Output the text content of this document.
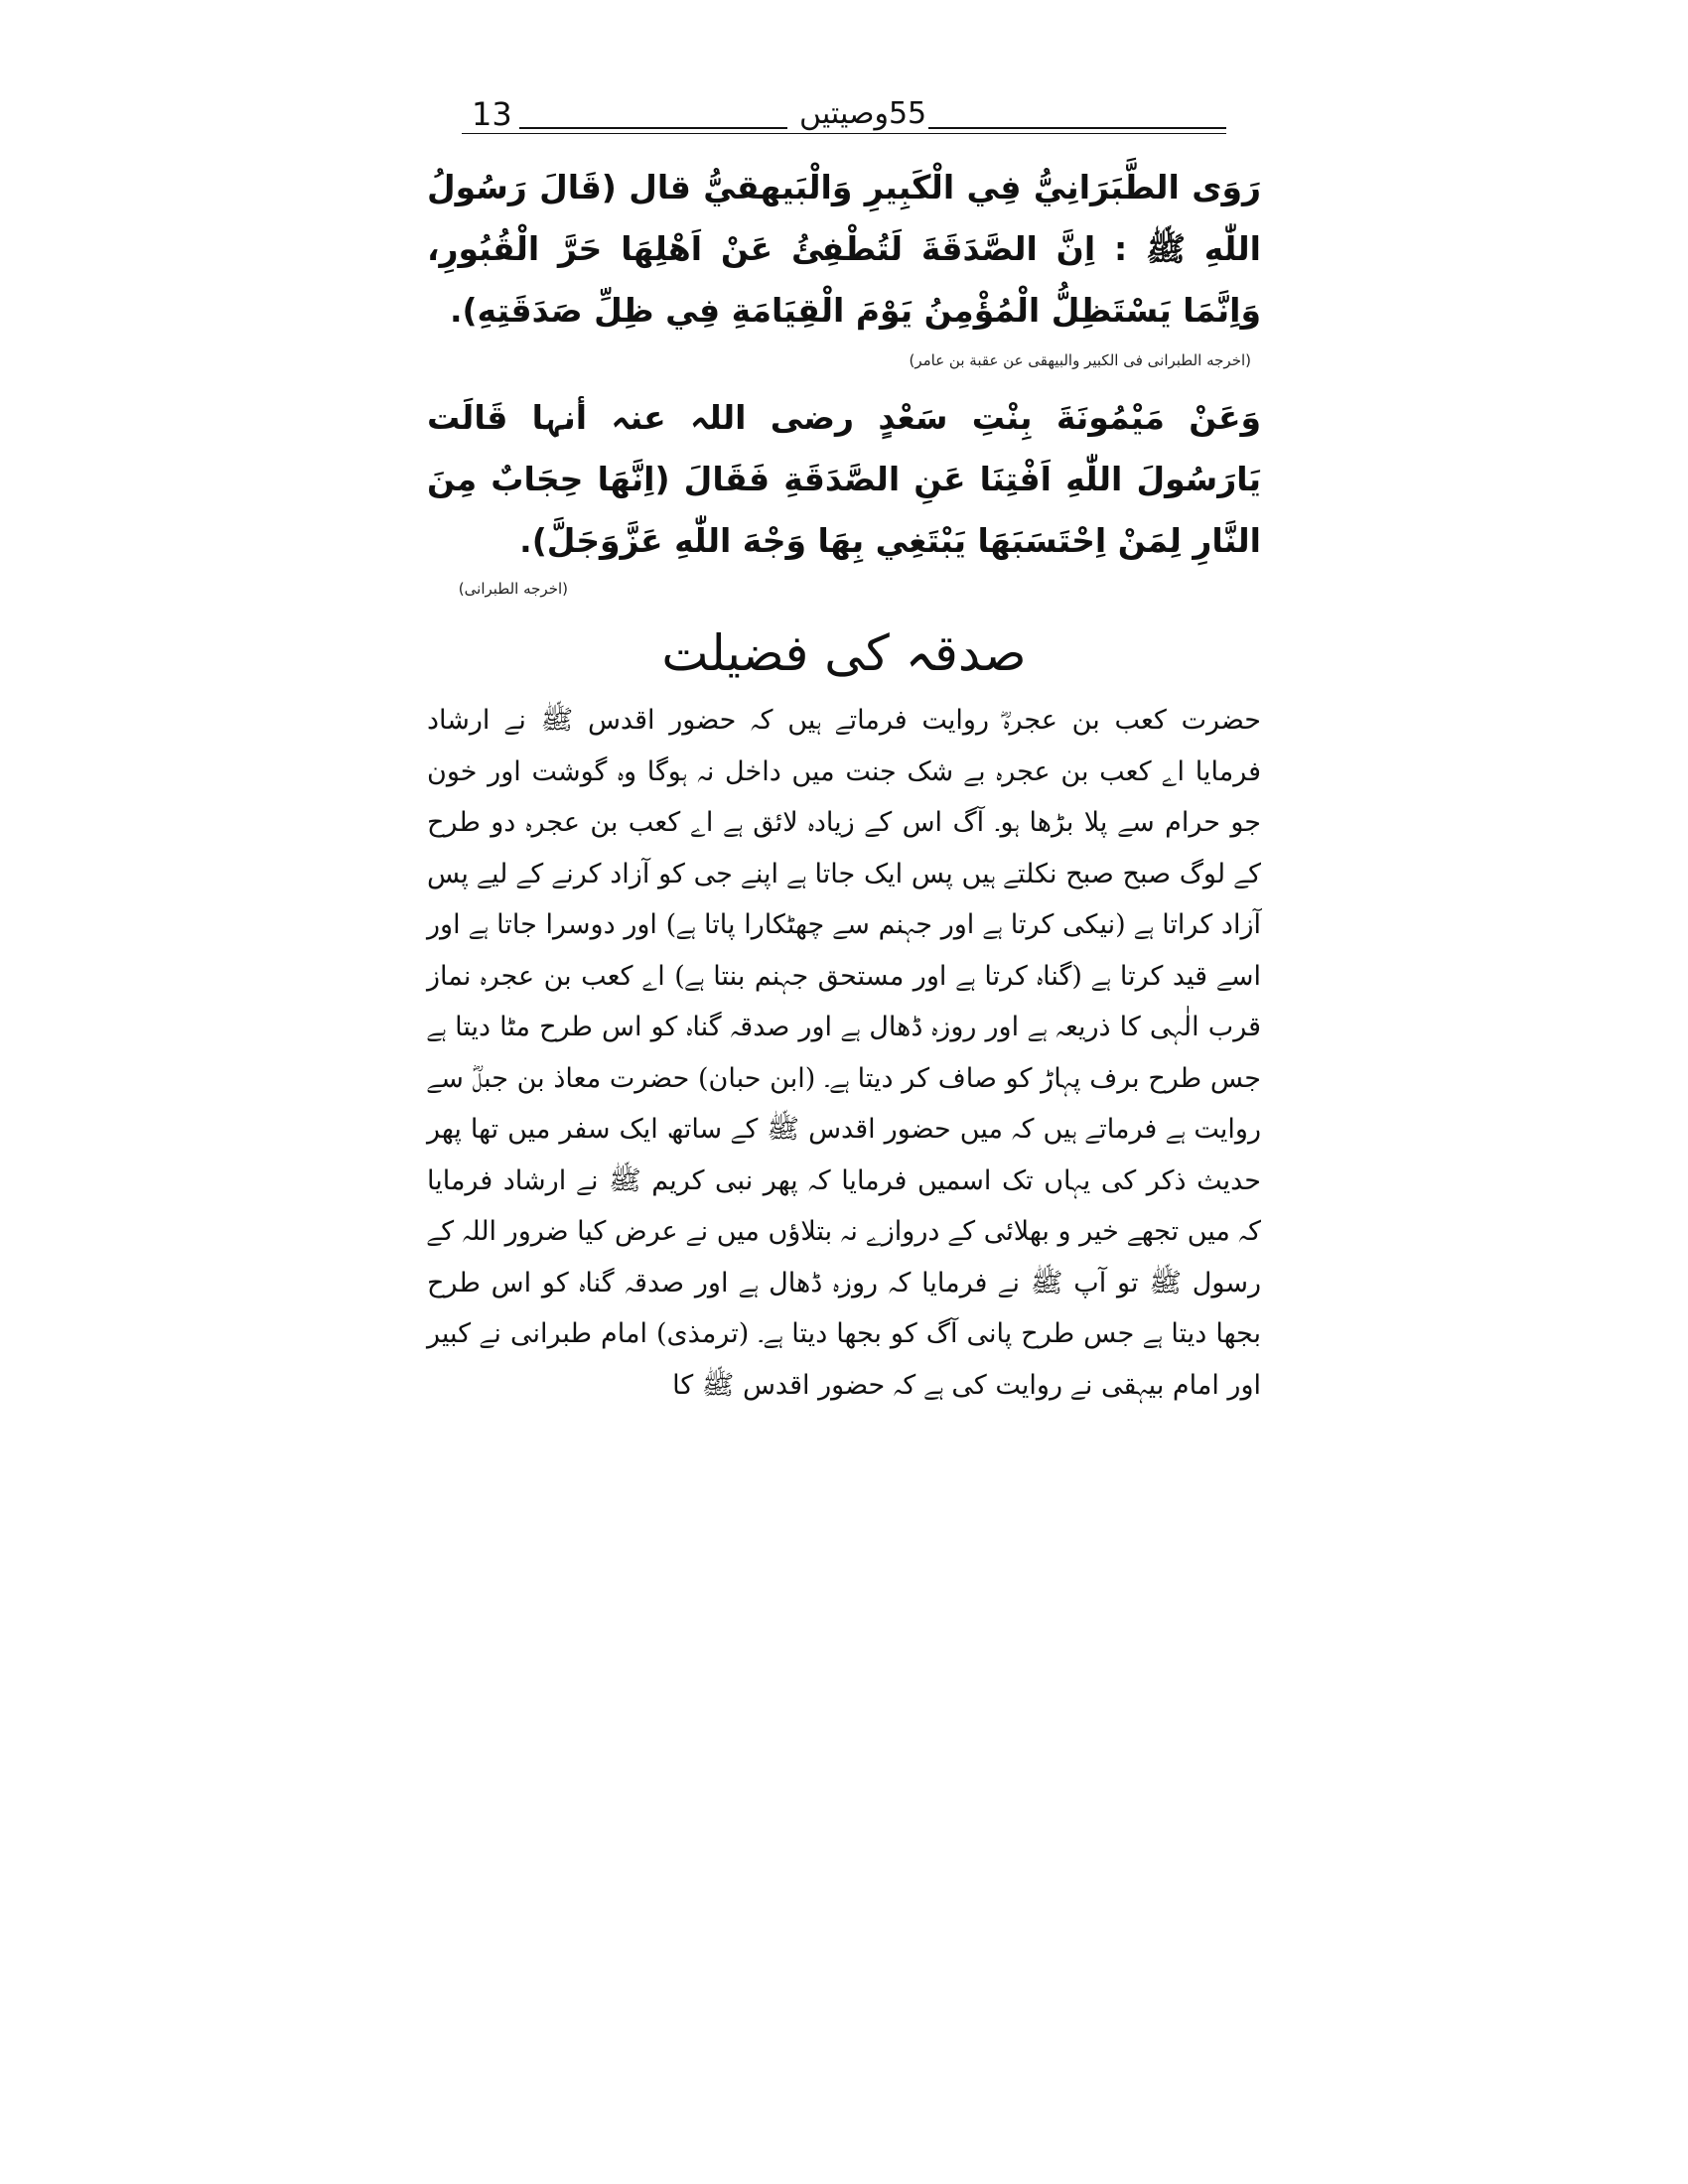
13	55وصیتیں
رَوَى الطَّبَرَانِيُّ فِي الْكَبِيرِ وَالْبَيهقيُّ قال (قَالَ رَسُولُ اللّٰهِ ﷺ : اِنَّ الصَّدَقَةَ لَتُطْفِئُ عَنْ اَهْلِهَا حَرَّ الْقُبُورِ، وَاِنَّمَا يَسْتَظِلُّ الْمُؤْمِنُ يَوْمَ الْقِيَامَةِ فِي ظِلِّ صَدَقَتِهِ).
(اخرجه الطبرانی فی الکبیر والبیهقی عن عقبة بن عامر)
وَعَنْ مَيْمُونَةَ بِنْتِ سَعْدٍ رضی اللہ عنہ أنہا قَالَت يَارَسُولَ اللّٰهِ اَفْتِنَا عَنِ الصَّدَقَةِ فَقَالَ (اِنَّهَا حِجَابٌ مِنَ النَّارِ لِمَنْ اِحْتَسَبَهَا يَبْتَغِي بِهَا وَجْهَ اللّٰهِ عَزَّوَجَلَّ).
(اخرجه الطبرانی)
صدقہ کی فضیلت
حضرت کعب بن عجرہؓ روایت فرماتے ہیں کہ حضور اقدس ﷺ نے ارشاد فرمایا اے کعب بن عجرہ بے شک جنت میں داخل نہ ہوگا وہ گوشت اور خون جو حرام سے پلا بڑھا ہو۔ آگ اس کے زیادہ لائق ہے اے کعب بن عجرہ دو طرح کے لوگ صبح صبح نکلتے ہیں پس ایک جاتا ہے اپنے جی کو آزاد کرنے کے لیے پس آزاد کراتا ہے (نیکی کرتا ہے اور جہنم سے چھٹکارا پاتا ہے) اور دوسرا جاتا ہے اور اسے قید کرتا ہے (گناہ کرتا ہے اور مستحق جہنم بنتا ہے) اے کعب بن عجرہ نماز قرب الٰہی کا ذریعہ ہے اور روزہ ڈھال ہے اور صدقہ گناہ کو اس طرح مٹا دیتا ہے جس طرح برف پہاڑ کو صاف کر دیتا ہے۔ (ابن حبان) حضرت معاذ بن جبلؓ سے روایت ہے فرماتے ہیں کہ میں حضور اقدس ﷺ کے ساتھ ایک سفر میں تھا پھر حدیث ذکر کی یہاں تک اسمیں فرمایا کہ پھر نبی کریم ﷺ نے ارشاد فرمایا کہ میں تجھے خیر و بھلائی کے دروازے نہ بتلاؤں میں نے عرض کیا ضرور اللہ کے رسول ﷺ تو آپ ﷺ نے فرمایا کہ روزہ ڈھال ہے اور صدقہ گناہ کو اس طرح بجھا دیتا ہے جس طرح پانی آگ کو بجھا دیتا ہے۔ (ترمذی) امام طبرانی نے کبیر اور امام بیہقی نے روایت کی ہے کہ حضور اقدس ﷺ کا
